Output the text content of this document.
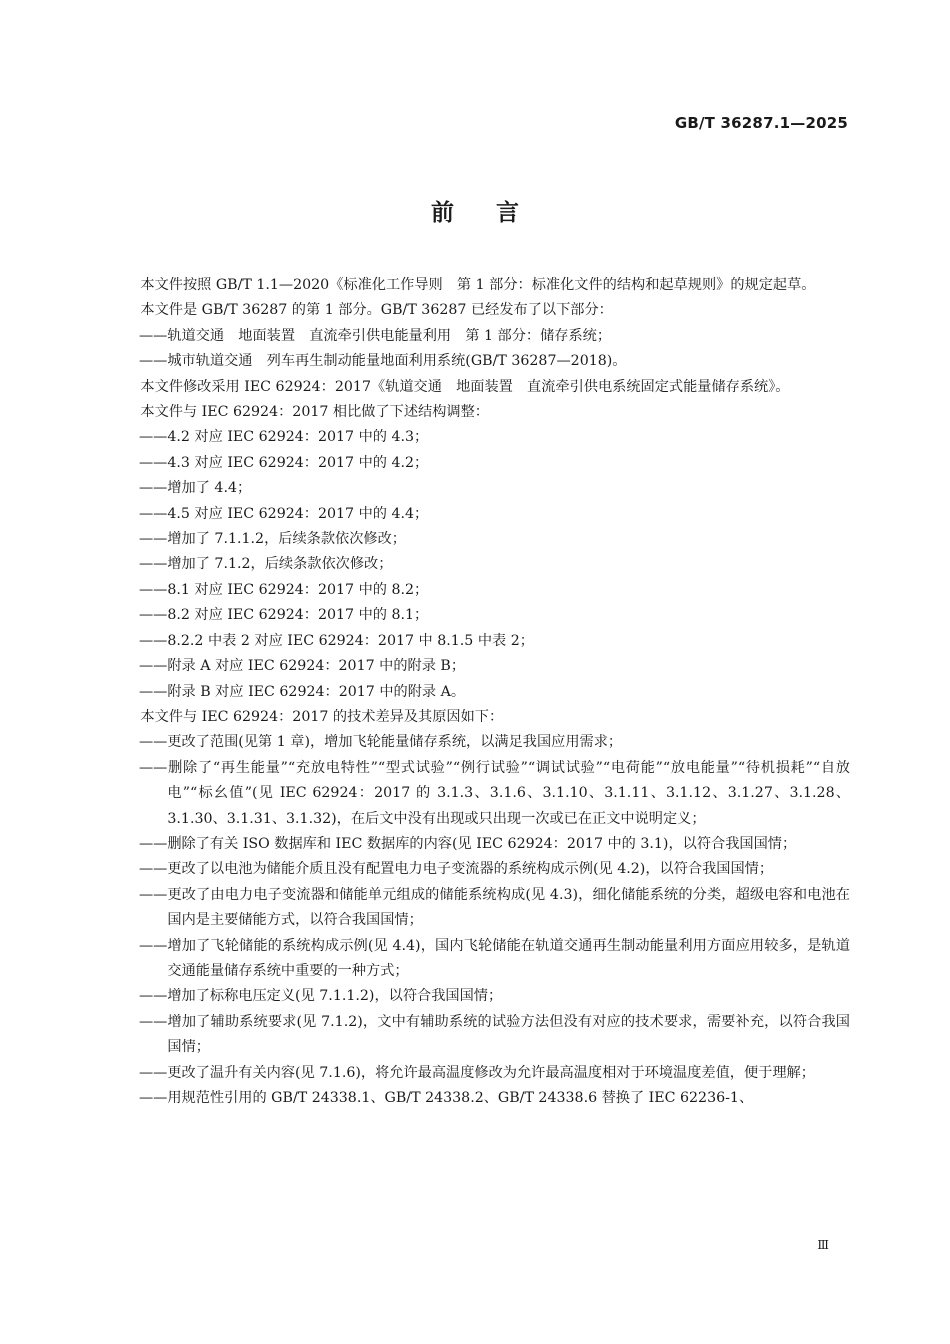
GB/T 36287.1—2025
前言

本文件按照 GB/T 1.1—2020《标准化工作导则　第 1 部分：标准化文件的结构和起草规则》的规定起草。

本文件是 GB/T 36287 的第 1 部分。GB/T 36287 已经发布了以下部分：

——轨道交通　地面装置　直流牵引供电能量利用　第 1 部分：储存系统；

——城市轨道交通　列车再生制动能量地面利用系统(GB/T 36287—2018)。

本文件修改采用 IEC 62924：2017《轨道交通　地面装置　直流牵引供电系统固定式能量储存系统》。

本文件与 IEC 62924：2017 相比做了下述结构调整：

——4.2 对应 IEC 62924：2017 中的 4.3；

——4.3 对应 IEC 62924：2017 中的 4.2；

——增加了 4.4；

——4.5 对应 IEC 62924：2017 中的 4.4；

——增加了 7.1.1.2，后续条款依次修改；

——增加了 7.1.2，后续条款依次修改；

——8.1 对应 IEC 62924：2017 中的 8.2；

——8.2 对应 IEC 62924：2017 中的 8.1；

——8.2.2 中表 2 对应 IEC 62924：2017 中 8.1.5 中表 2；

——附录 A 对应 IEC 62924：2017 中的附录 B；

——附录 B 对应 IEC 62924：2017 中的附录 A。

本文件与 IEC 62924：2017 的技术差异及其原因如下：

——更改了范围(见第 1 章)，增加飞轮能量储存系统，以满足我国应用需求；

——删除了“再生能量”“充放电特性”“型式试验”“例行试验”“调试试验”“电荷能”“放电能量”“待机损耗”“自放电”“标幺值”(见 IEC 62924：2017 的 3.1.3、3.1.6、3.1.10、3.1.11、3.1.12、3.1.27、3.1.28、3.1.30、3.1.31、3.1.32)，在后文中没有出现或只出现一次或已在正文中说明定义；

——删除了有关 ISO 数据库和 IEC 数据库的内容(见 IEC 62924：2017 中的 3.1)，以符合我国国情；

——更改了以电池为储能介质且没有配置电力电子变流器的系统构成示例(见 4.2)，以符合我国国情；

——更改了由电力电子变流器和储能单元组成的储能系统构成(见 4.3)，细化储能系统的分类，超级电容和电池在国内是主要储能方式，以符合我国国情；

——增加了飞轮储能的系统构成示例(见 4.4)，国内飞轮储能在轨道交通再生制动能量利用方面应用较多，是轨道交通能量储存系统中重要的一种方式；

——增加了标称电压定义(见 7.1.1.2)，以符合我国国情；

——增加了辅助系统要求(见 7.1.2)，文中有辅助系统的试验方法但没有对应的技术要求，需要补充，以符合我国国情；

——更改了温升有关内容(见 7.1.6)，将允许最高温度修改为允许最高温度相对于环境温度差值，便于理解；

——用规范性引用的 GB/T 24338.1、GB/T 24338.2、GB/T 24338.6 替换了 IEC 62236-1、

Ⅲ
